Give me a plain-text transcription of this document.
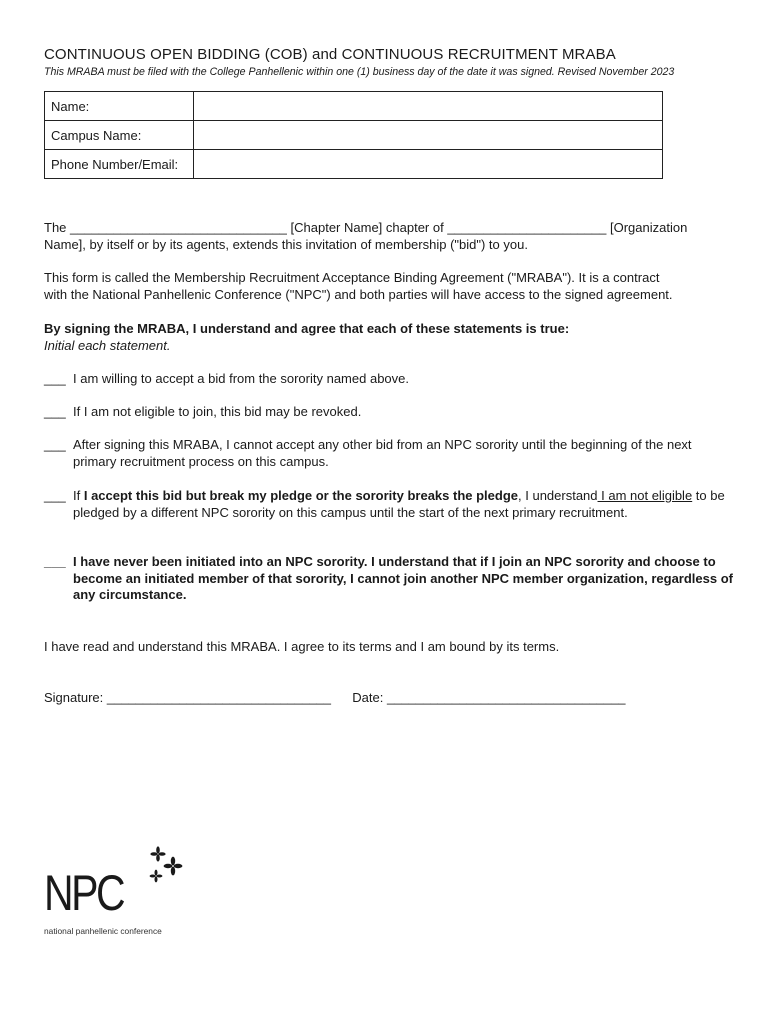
CONTINUOUS OPEN BIDDING (COB) and CONTINUOUS RECRUITMENT MRABA
This MRABA must be filed with the College Panhellenic within one (1) business day of the date it was signed. Revised November 2023
Name:	

Campus Name:	

Phone Number/Email:	
The ______________________________ [Chapter Name] chapter of ______________________ [Organization
Name], by itself or by its agents, extends this invitation of membership ("bid") to you.
This form is called the Membership Recruitment Acceptance Binding Agreement ("MRABA"). It is a contract
with the National Panhellenic Conference ("NPC") and both parties will have access to the signed agreement.
By signing the MRABA, I understand and agree that each of these statements is true:
Initial each statement.
___ I am willing to accept a bid from the sorority named above.
___ If I am not eligible to join, this bid may be revoked.
___ After signing this MRABA, I cannot accept any other bid from an NPC sorority until the beginning of the next primary recruitment process on this campus.
___ If I accept this bid but break my pledge or the sorority breaks the pledge, I understand I am not eligible to be pledged by a different NPC sorority on this campus until the start of the next primary recruitment.
___ I have never been initiated into an NPC sorority. I understand that if I join an NPC sorority and choose to become an initiated member of that sorority, I cannot join another NPC member organization, regardless of any circumstance.
I have read and understand this MRABA. I agree to its terms and I am bound by its terms.
Signature: _______________________________ Date: _________________________________
NPC
national panhellenic conference
